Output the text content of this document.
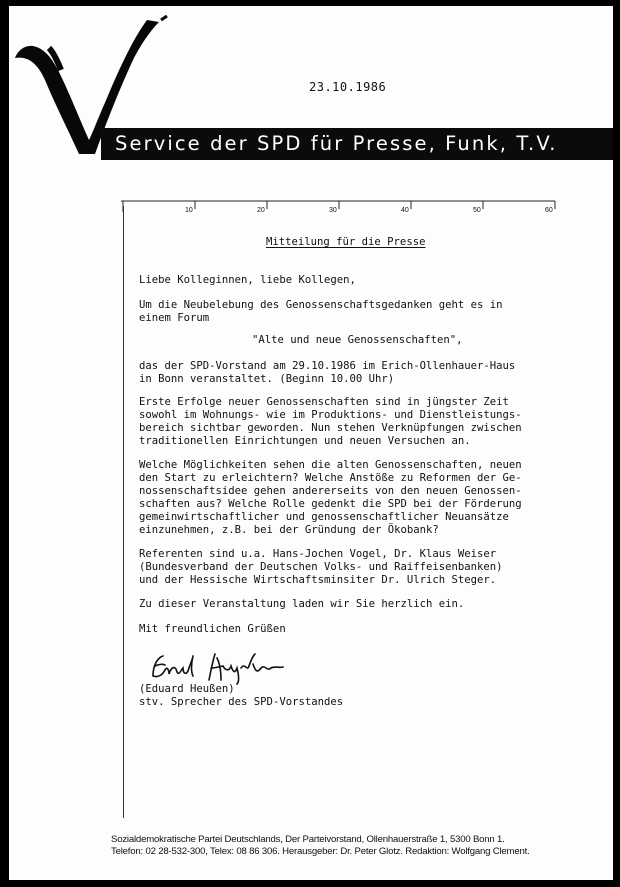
23.10.1986
Service der SPD für Presse, Funk, T.V.
10	20	30	40	50	60
Mitteilung für die Presse
Liebe Kolleginnen, liebe Kollegen,
Um die Neubelebung des Genossenschaftsgedanken geht es in
einem Forum
"Alte und neue Genossenschaften",
das der SPD-Vorstand am 29.10.1986 im Erich-Ollenhauer-Haus
in Bonn veranstaltet. (Beginn 10.00 Uhr)
Erste Erfolge neuer Genossenschaften sind in jüngster Zeit
sowohl im Wohnungs- wie im Produktions- und Dienstleistungs-
bereich sichtbar geworden. Nun stehen Verknüpfungen zwischen
traditionellen Einrichtungen und neuen Versuchen an.
Welche Möglichkeiten sehen die alten Genossenschaften, neuen
den Start zu erleichtern? Welche Anstöße zu Reformen der Ge-
nossenschaftsidee gehen andererseits von den neuen Genossen-
schaften aus? Welche Rolle gedenkt die SPD bei der Förderung
gemeinwirtschaftlicher und genossenschaftlicher Neuansätze
einzunehmen, z.B. bei der Gründung der Ökobank?
Referenten sind u.a. Hans-Jochen Vogel, Dr. Klaus Weiser
(Bundesverband der Deutschen Volks- und Raiffeisenbanken)
und der Hessische Wirtschaftsminsiter Dr. Ulrich Steger.
Zu dieser Veranstaltung laden wir Sie herzlich ein.
Mit freundlichen Grüßen
(Eduard Heußen)
stv. Sprecher des SPD-Vorstandes
Sozialdemokratische Partei Deutschlands, Der Parteivorstand, Ollenhauerstraße 1, 5300 Bonn 1.
Telefon: 02 28-532-300, Telex: 08 86 306. Herausgeber: Dr. Peter Glotz. Redaktion: Wolfgang Clement.
